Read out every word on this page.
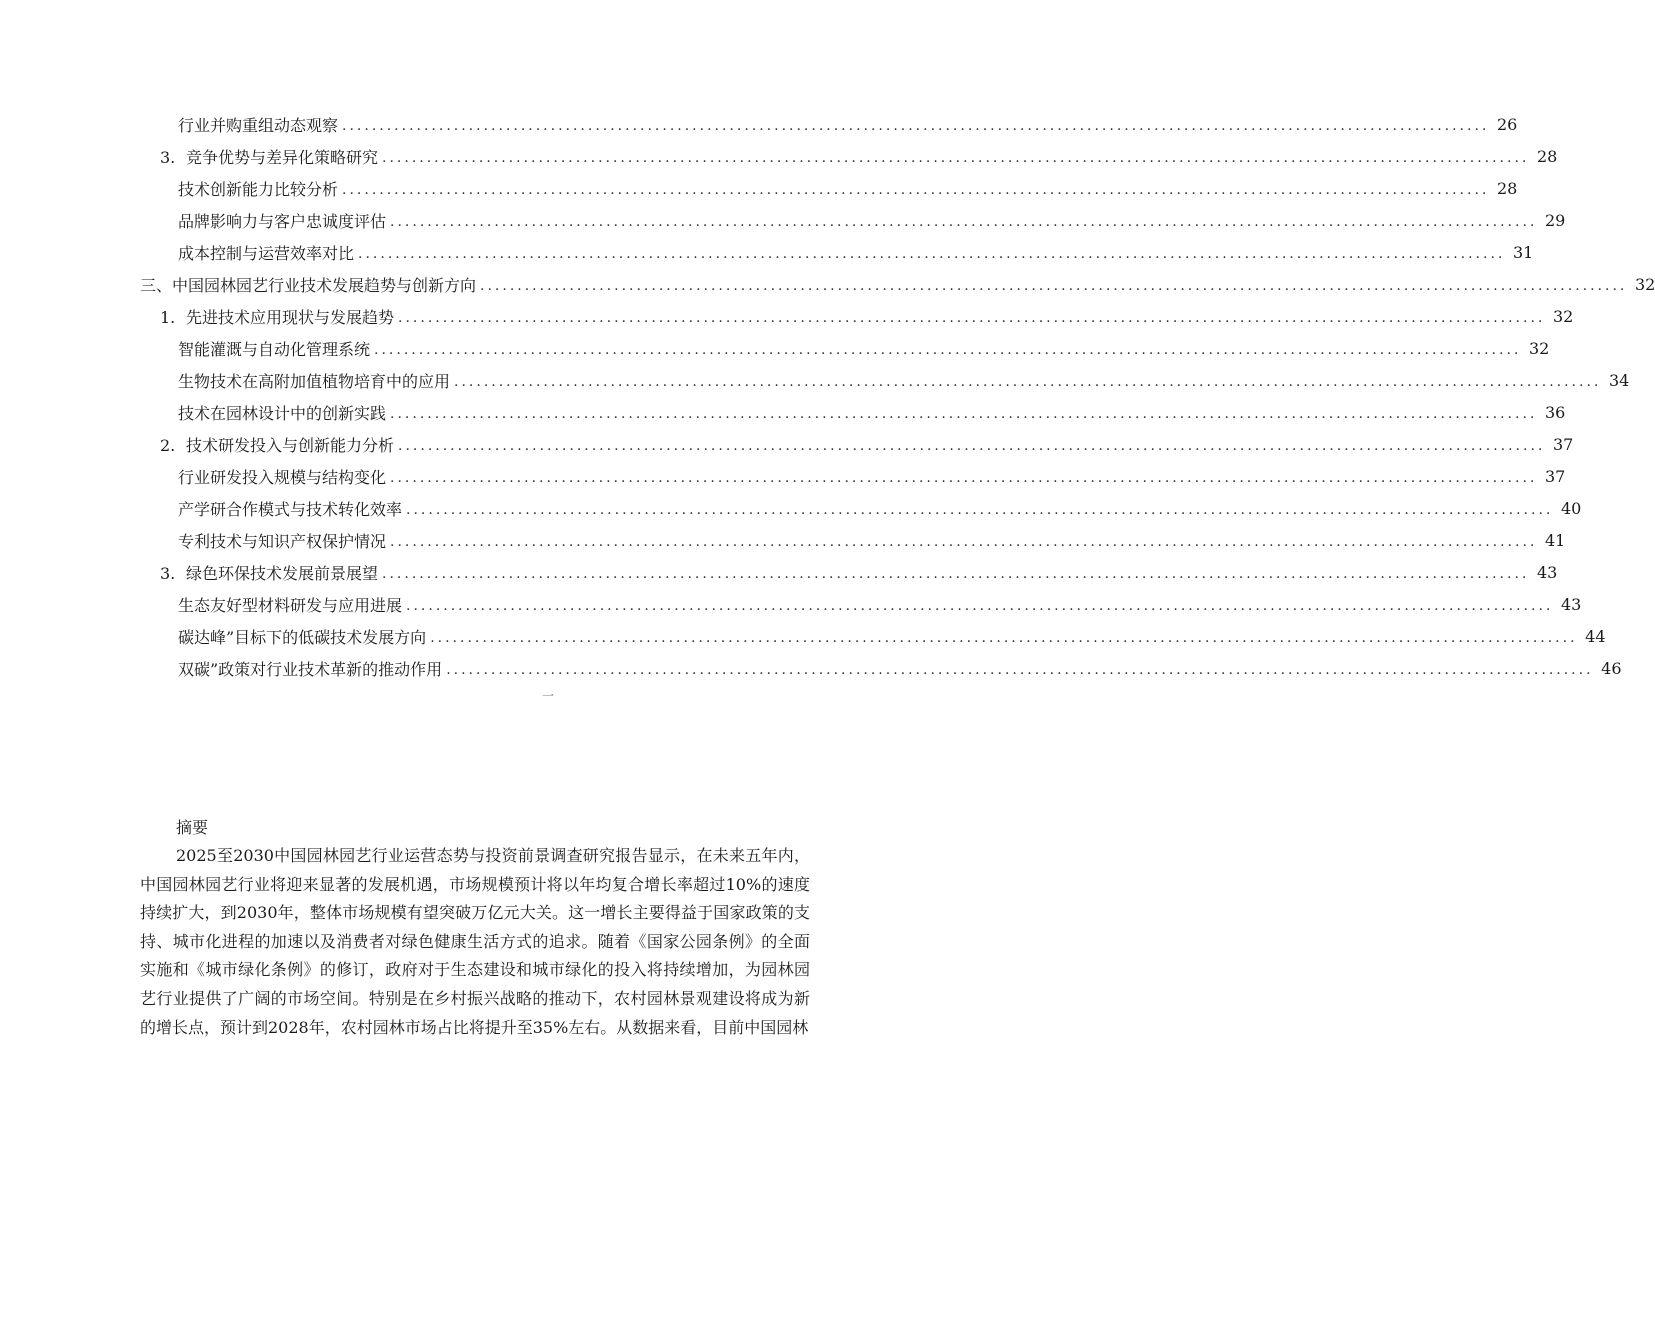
行业并购重组动态观察 .......................................................................................................................................................... 26
3. 竞争优势与差异化策略研究 .......................................................................................................................................................... 28
技术创新能力比较分析 .......................................................................................................................................................... 28
品牌影响力与客户忠诚度评估 .......................................................................................................................................................... 29
成本控制与运营效率对比 .......................................................................................................................................................... 31
三、中国园林园艺行业技术发展趋势与创新方向 .......................................................................................................................................................... 32
1. 先进技术应用现状与发展趋势 .......................................................................................................................................................... 32
智能灌溉与自动化管理系统 .......................................................................................................................................................... 32
生物技术在高附加值植物培育中的应用 .......................................................................................................................................................... 34
技术在园林设计中的创新实践 .......................................................................................................................................................... 36
2. 技术研发投入与创新能力分析 .......................................................................................................................................................... 37
行业研发投入规模与结构变化 .......................................................................................................................................................... 37
产学研合作模式与技术转化效率 .......................................................................................................................................................... 40
专利技术与知识产权保护情况 .......................................................................................................................................................... 41
3. 绿色环保技术发展前景展望 .......................................................................................................................................................... 43
生态友好型材料研发与应用进展 .......................................................................................................................................................... 43
碳达峰”目标下的低碳技术发展方向 .......................................................................................................................................................... 44
双碳”政策对行业技术革新的推动作用 .......................................................................................................................................................... 46
一
摘要

2025至2030中国园林园艺行业运营态势与投资前景调查研究报告显示，在未来五年内，中国园林园艺行业将迎来显著的发展机遇，市场规模预计将以年均复合增长率超过10%的速度持续扩大，到2030年，整体市场规模有望突破万亿元大关。这一增长主要得益于国家政策的支持、城市化进程的加速以及消费者对绿色健康生活方式的追求。随着《国家公园条例》的全面实施和《城市绿化条例》的修订，政府对于生态建设和城市绿化的投入将持续增加，为园林园艺行业提供了广阔的市场空间。特别是在乡村振兴战略的推动下，农村园林景观建设将成为新的增长点，预计到2028年，农村园林市场占比将提升至35%左右。从数据来看，目前中国园林
